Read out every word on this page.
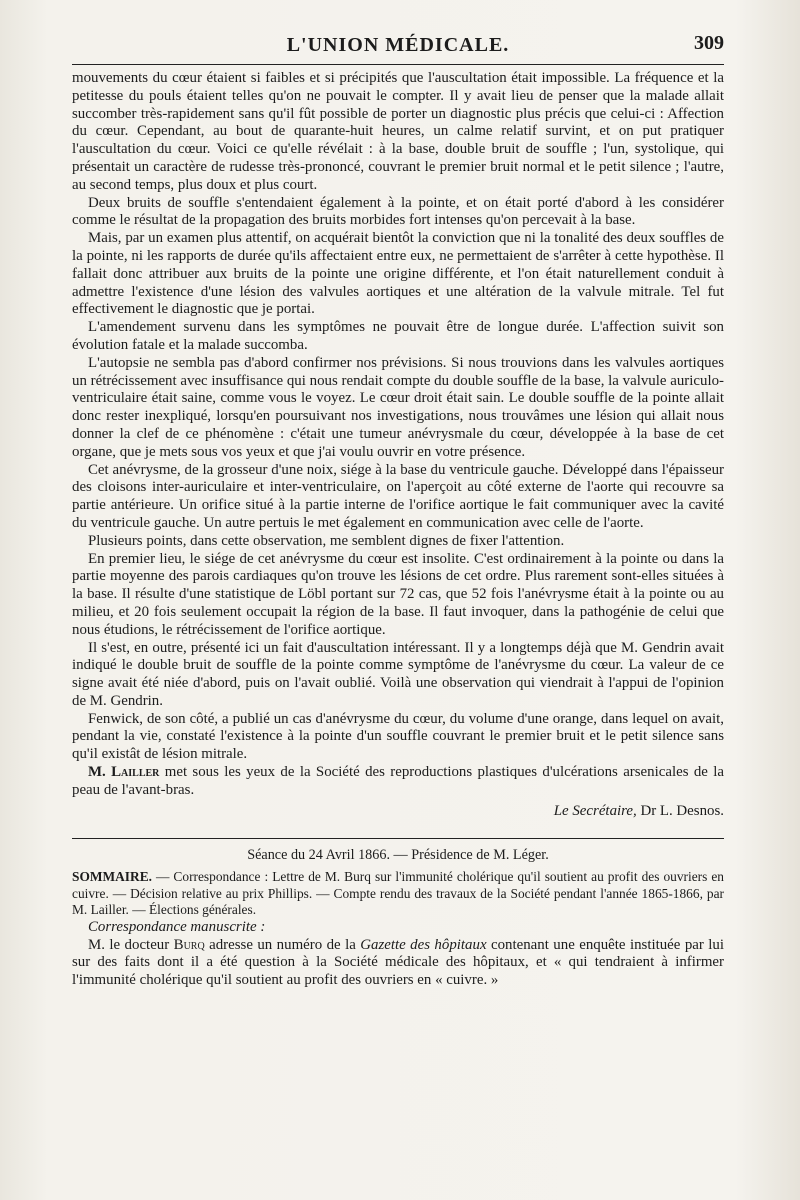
L'UNION MÉDICALE.	309

mouvements du cœur étaient si faibles et si précipités que l'auscultation était impossible. La fréquence et la petitesse du pouls étaient telles qu'on ne pouvait le compter. Il y avait lieu de penser que la malade allait succomber très-rapidement sans qu'il fût possible de porter un diagnostic plus précis que celui-ci : Affection du cœur. Cependant, au bout de quarante-huit heures, un calme relatif survint, et on put pratiquer l'auscultation du cœur. Voici ce qu'elle révélait : à la base, double bruit de souffle ; l'un, systolique, qui présentait un caractère de rudesse très-prononcé, couvrant le premier bruit normal et le petit silence ; l'autre, au second temps, plus doux et plus court.

Deux bruits de souffle s'entendaient également à la pointe, et on était porté d'abord à les considérer comme le résultat de la propagation des bruits morbides fort intenses qu'on percevait à la base.

Mais, par un examen plus attentif, on acquérait bientôt la conviction que ni la tonalité des deux souffles de la pointe, ni les rapports de durée qu'ils affectaient entre eux, ne permettaient de s'arrêter à cette hypothèse. Il fallait donc attribuer aux bruits de la pointe une origine différente, et l'on était naturellement conduit à admettre l'existence d'une lésion des valvules aortiques et une altération de la valvule mitrale. Tel fut effectivement le diagnostic que je portai.

L'amendement survenu dans les symptômes ne pouvait être de longue durée. L'affection suivit son évolution fatale et la malade succomba.

L'autopsie ne sembla pas d'abord confirmer nos prévisions. Si nous trouvions dans les valvules aortiques un rétrécissement avec insuffisance qui nous rendait compte du double souffle de la base, la valvule auriculo-ventriculaire était saine, comme vous le voyez. Le cœur droit était sain. Le double souffle de la pointe allait donc rester inexpliqué, lorsqu'en poursuivant nos investigations, nous trouvâmes une lésion qui allait nous donner la clef de ce phénomène : c'était une tumeur anévrysmale du cœur, développée à la base de cet organe, que je mets sous vos yeux et que j'ai voulu ouvrir en votre présence.

Cet anévrysme, de la grosseur d'une noix, siége à la base du ventricule gauche. Développé dans l'épaisseur des cloisons inter-auriculaire et inter-ventriculaire, on l'aperçoit au côté externe de l'aorte qui recouvre sa partie antérieure. Un orifice situé à la partie interne de l'orifice aortique le fait communiquer avec la cavité du ventricule gauche. Un autre pertuis le met également en communication avec celle de l'aorte.

Plusieurs points, dans cette observation, me semblent dignes de fixer l'attention.

En premier lieu, le siége de cet anévrysme du cœur est insolite. C'est ordinairement à la pointe ou dans la partie moyenne des parois cardiaques qu'on trouve les lésions de cet ordre. Plus rarement sont-elles situées à la base. Il résulte d'une statistique de Löbl portant sur 72 cas, que 52 fois l'anévrysme était à la pointe ou au milieu, et 20 fois seulement occupait la région de la base. Il faut invoquer, dans la pathogénie de celui que nous étudions, le rétrécissement de l'orifice aortique.

Il s'est, en outre, présenté ici un fait d'auscultation intéressant. Il y a longtemps déjà que M. Gendrin avait indiqué le double bruit de souffle de la pointe comme symptôme de l'anévrysme du cœur. La valeur de ce signe avait été niée d'abord, puis on l'avait oublié. Voilà une observation qui viendrait à l'appui de l'opinion de M. Gendrin.

Fenwick, de son côté, a publié un cas d'anévrysme du cœur, du volume d'une orange, dans lequel on avait, pendant la vie, constaté l'existence à la pointe d'un souffle couvrant le premier bruit et le petit silence sans qu'il existât de lésion mitrale.

M. Lailler met sous les yeux de la Société des reproductions plastiques d'ulcérations arsenicales de la peau de l'avant-bras.

Le Secrétaire, Dr L. Desnos.
Séance du 24 Avril 1866. — Présidence de M. Léger.

SOMMAIRE. — Correspondance : Lettre de M. Burq sur l'immunité cholérique qu'il soutient au profit des ouvriers en cuivre. — Décision relative au prix Phillips. — Compte rendu des travaux de la Société pendant l'année 1865-1866, par M. Lailler. — Élections générales.

Correspondance manuscrite :

M. le docteur Burq adresse un numéro de la Gazette des hôpitaux contenant une enquête instituée par lui sur des faits dont il a été question à la Société médicale des hôpitaux, et « qui tendraient à infirmer l'immunité cholérique qu'il soutient au profit des ouvriers en « cuivre. »
